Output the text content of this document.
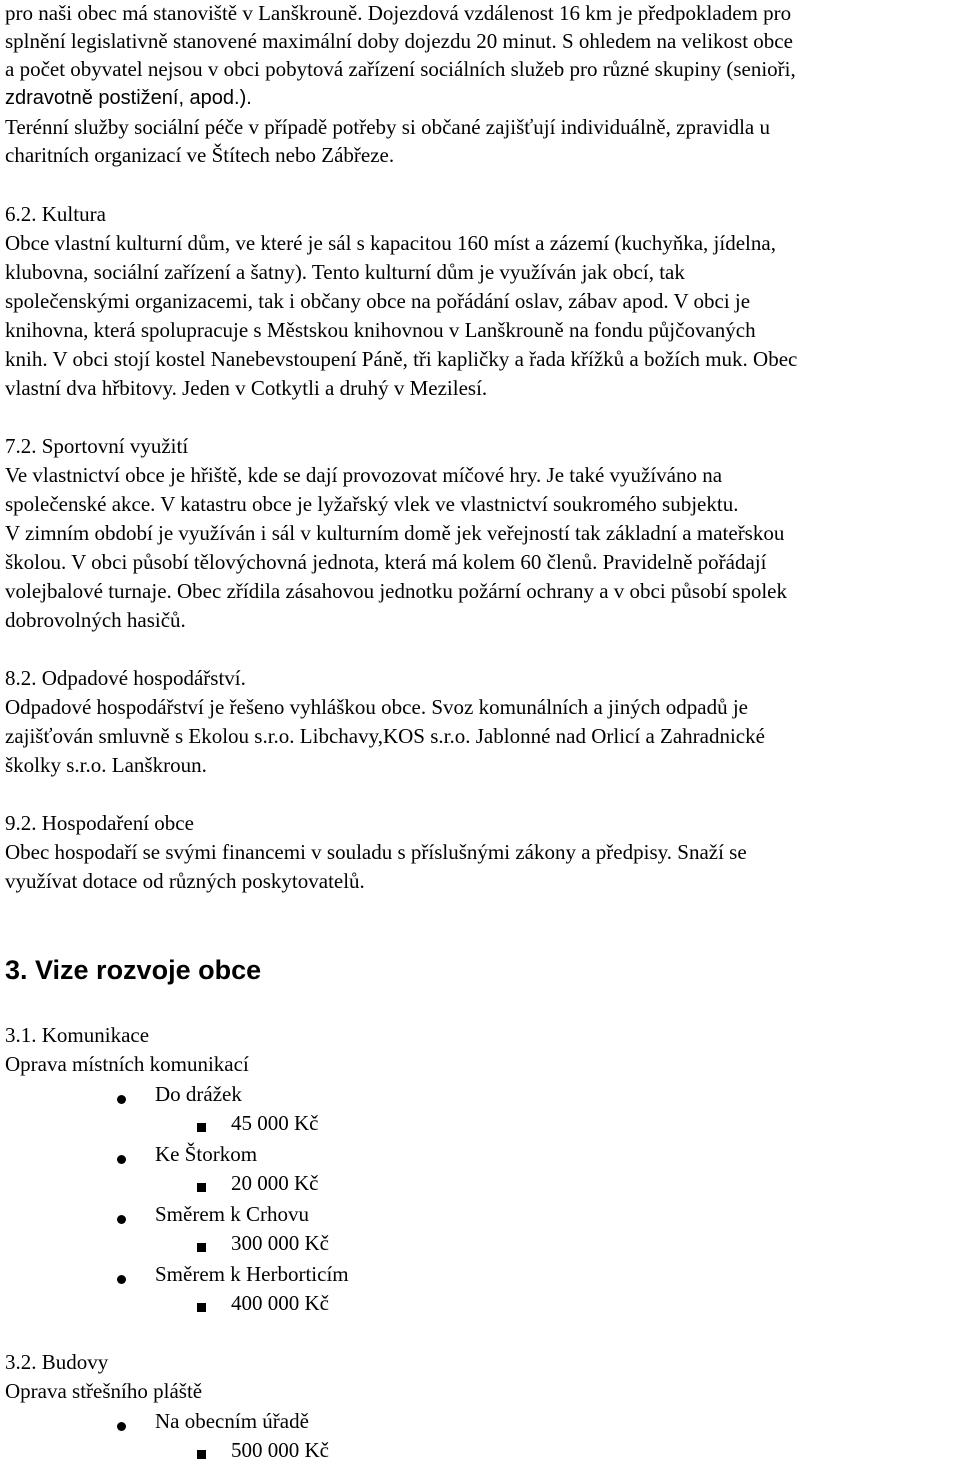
pro naši obec má stanoviště v Lanškrouně. Dojezdová vzdálenost 16 km je předpokladem pro
splnění legislativně stanovené maximální doby dojezdu 20 minut. S ohledem na velikost obce
a počet obyvatel nejsou v obci pobytová zařízení sociálních služeb pro různé skupiny (senioři,
zdravotně postižení, apod.).
Terénní služby sociální péče v případě potřeby si občané zajišťují individuálně, zpravidla u
charitních organizací ve Štítech nebo Zábřeze.
6.2. Kultura
Obce vlastní kulturní dům, ve které je sál s kapacitou 160 míst a zázemí (kuchyňka, jídelna,
klubovna, sociální zařízení a šatny). Tento kulturní dům je využíván jak obcí, tak
společenskými organizacemi, tak i občany obce na pořádání oslav, zábav apod. V obci je
knihovna, která spolupracuje s Městskou knihovnou v Lanškrouně na fondu půjčovaných
knih. V obci stojí kostel Nanebevstoupení Páně, tři kapličky a řada křížků a božích muk. Obec
vlastní dva hřbitovy. Jeden v Cotkytli a druhý v Mezilesí.
7.2. Sportovní využití
Ve vlastnictví obce je hřiště, kde se dají provozovat míčové hry. Je také využíváno na
společenské akce. V katastru obce je lyžařský vlek ve vlastnictví soukromého subjektu.
V zimním období je využíván i sál v kulturním domě jek veřejností tak základní a mateřskou
školou. V obci působí tělovýchovná jednota, která má kolem 60 členů. Pravidelně pořádají
volejbalové turnaje. Obec zřídila zásahovou jednotku požární ochrany a v obci působí spolek
dobrovolných hasičů.
8.2. Odpadové hospodářství.
Odpadové hospodářství je řešeno vyhláškou obce. Svoz komunálních a jiných odpadů je
zajišťován smluvně s Ekolou s.r.o. Libchavy,KOS s.r.o. Jablonné nad Orlicí a Zahradnické
školky s.r.o. Lanškroun.
9.2. Hospodaření obce
Obec hospodaří se svými financemi v souladu s příslušnými zákony a předpisy. Snaží se
využívat dotace od různých poskytovatelů.
3. Vize rozvoje obce
3.1. Komunikace
Oprava místních komunikací
Do drážek
45 000 Kč
Ke Štorkom
20 000 Kč
Směrem k Crhovu
300 000 Kč
Směrem k Herborticím
400 000 Kč
3.2. Budovy
Oprava střešního pláště
Na obecním úřadě
500 000 Kč
